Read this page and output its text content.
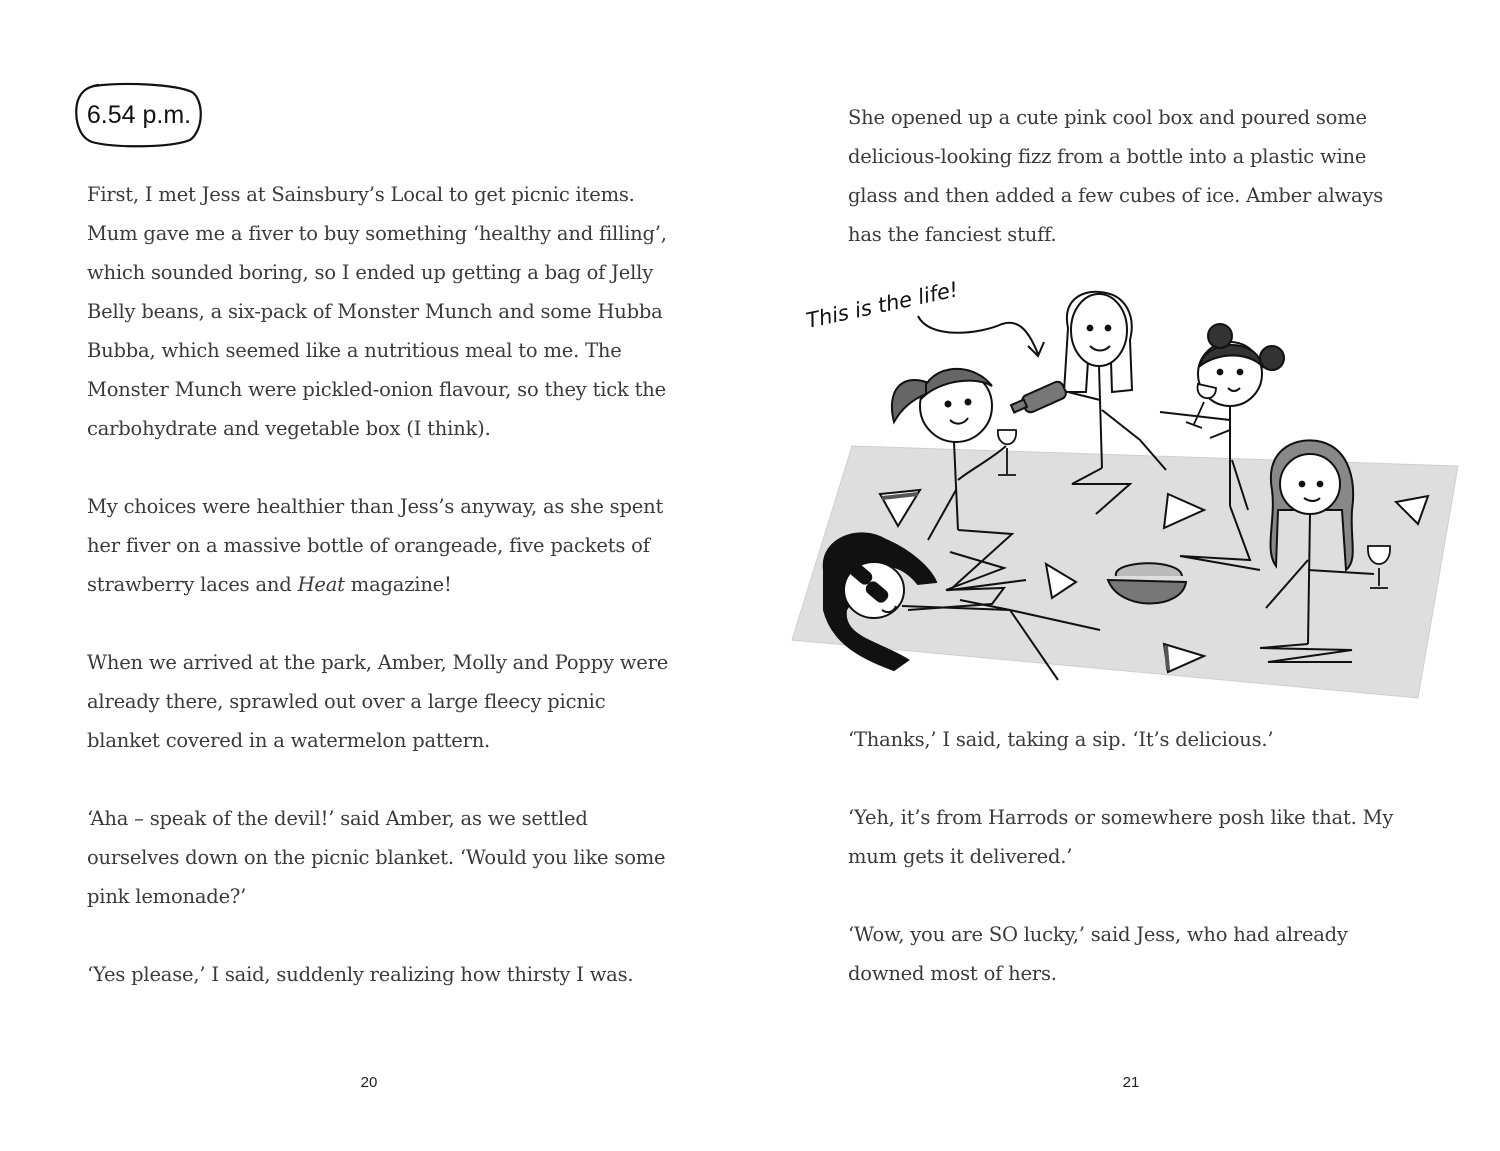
6.54 p.m.

First, I met Jess at Sainsbury’s Local to get picnic items. Mum gave me a fiver to buy something ‘healthy and filling’, which sounded boring, so I ended up getting a bag of Jelly Belly beans, a six-pack of Monster Munch and some Hubba Bubba, which seemed like a nutritious meal to me. The Monster Munch were pickled-onion flavour, so they tick the carbohydrate and vegetable box (I think).

My choices were healthier than Jess’s anyway, as she spent her fiver on a massive bottle of orangeade, five packets of strawberry laces and Heat magazine!

When we arrived at the park, Amber, Molly and Poppy were already there, sprawled out over a large fleecy picnic blanket covered in a watermelon pattern.

‘Aha – speak of the devil!’ said Amber, as we settled ourselves down on the picnic blanket. ‘Would you like some pink lemonade?’

‘Yes please,’ I said, suddenly realizing how thirsty I was.

20

She opened up a cute pink cool box and poured some delicious-looking fizz from a bottle into a plastic wine glass and then added a few cubes of ice. Amber always has the fanciest stuff.

This is the life!

‘Thanks,’ I said, taking a sip. ‘It’s delicious.’

‘Yeh, it’s from Harrods or somewhere posh like that. My mum gets it delivered.’

‘Wow, you are SO lucky,’ said Jess, who had already downed most of hers.

21
